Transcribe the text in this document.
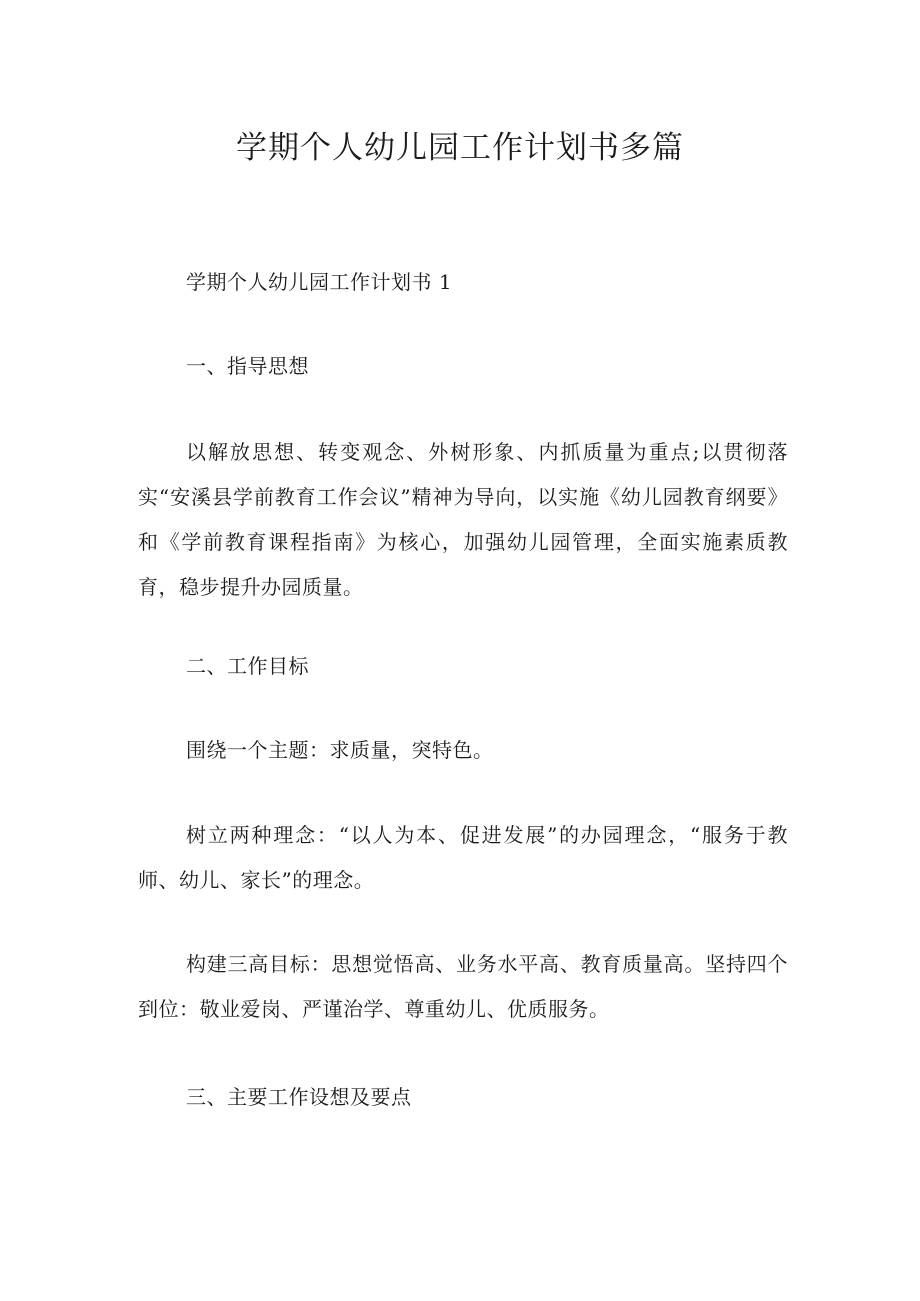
学期个人幼儿园工作计划书多篇

学期个人幼儿园工作计划书 1

一、指导思想

以解放思想、转变观念、外树形象、内抓质量为重点;以贯彻落实“安溪县学前教育工作会议”精神为导向，以实施《幼儿园教育纲要》和《学前教育课程指南》为核心，加强幼儿园管理，全面实施素质教育，稳步提升办园质量。

二、工作目标

围绕一个主题：求质量，突特色。

树立两种理念：“以人为本、促进发展”的办园理念，“服务于教师、幼儿、家长”的理念。

构建三高目标：思想觉悟高、业务水平高、教育质量高。坚持四个到位：敬业爱岗、严谨治学、尊重幼儿、优质服务。

三、主要工作设想及要点
